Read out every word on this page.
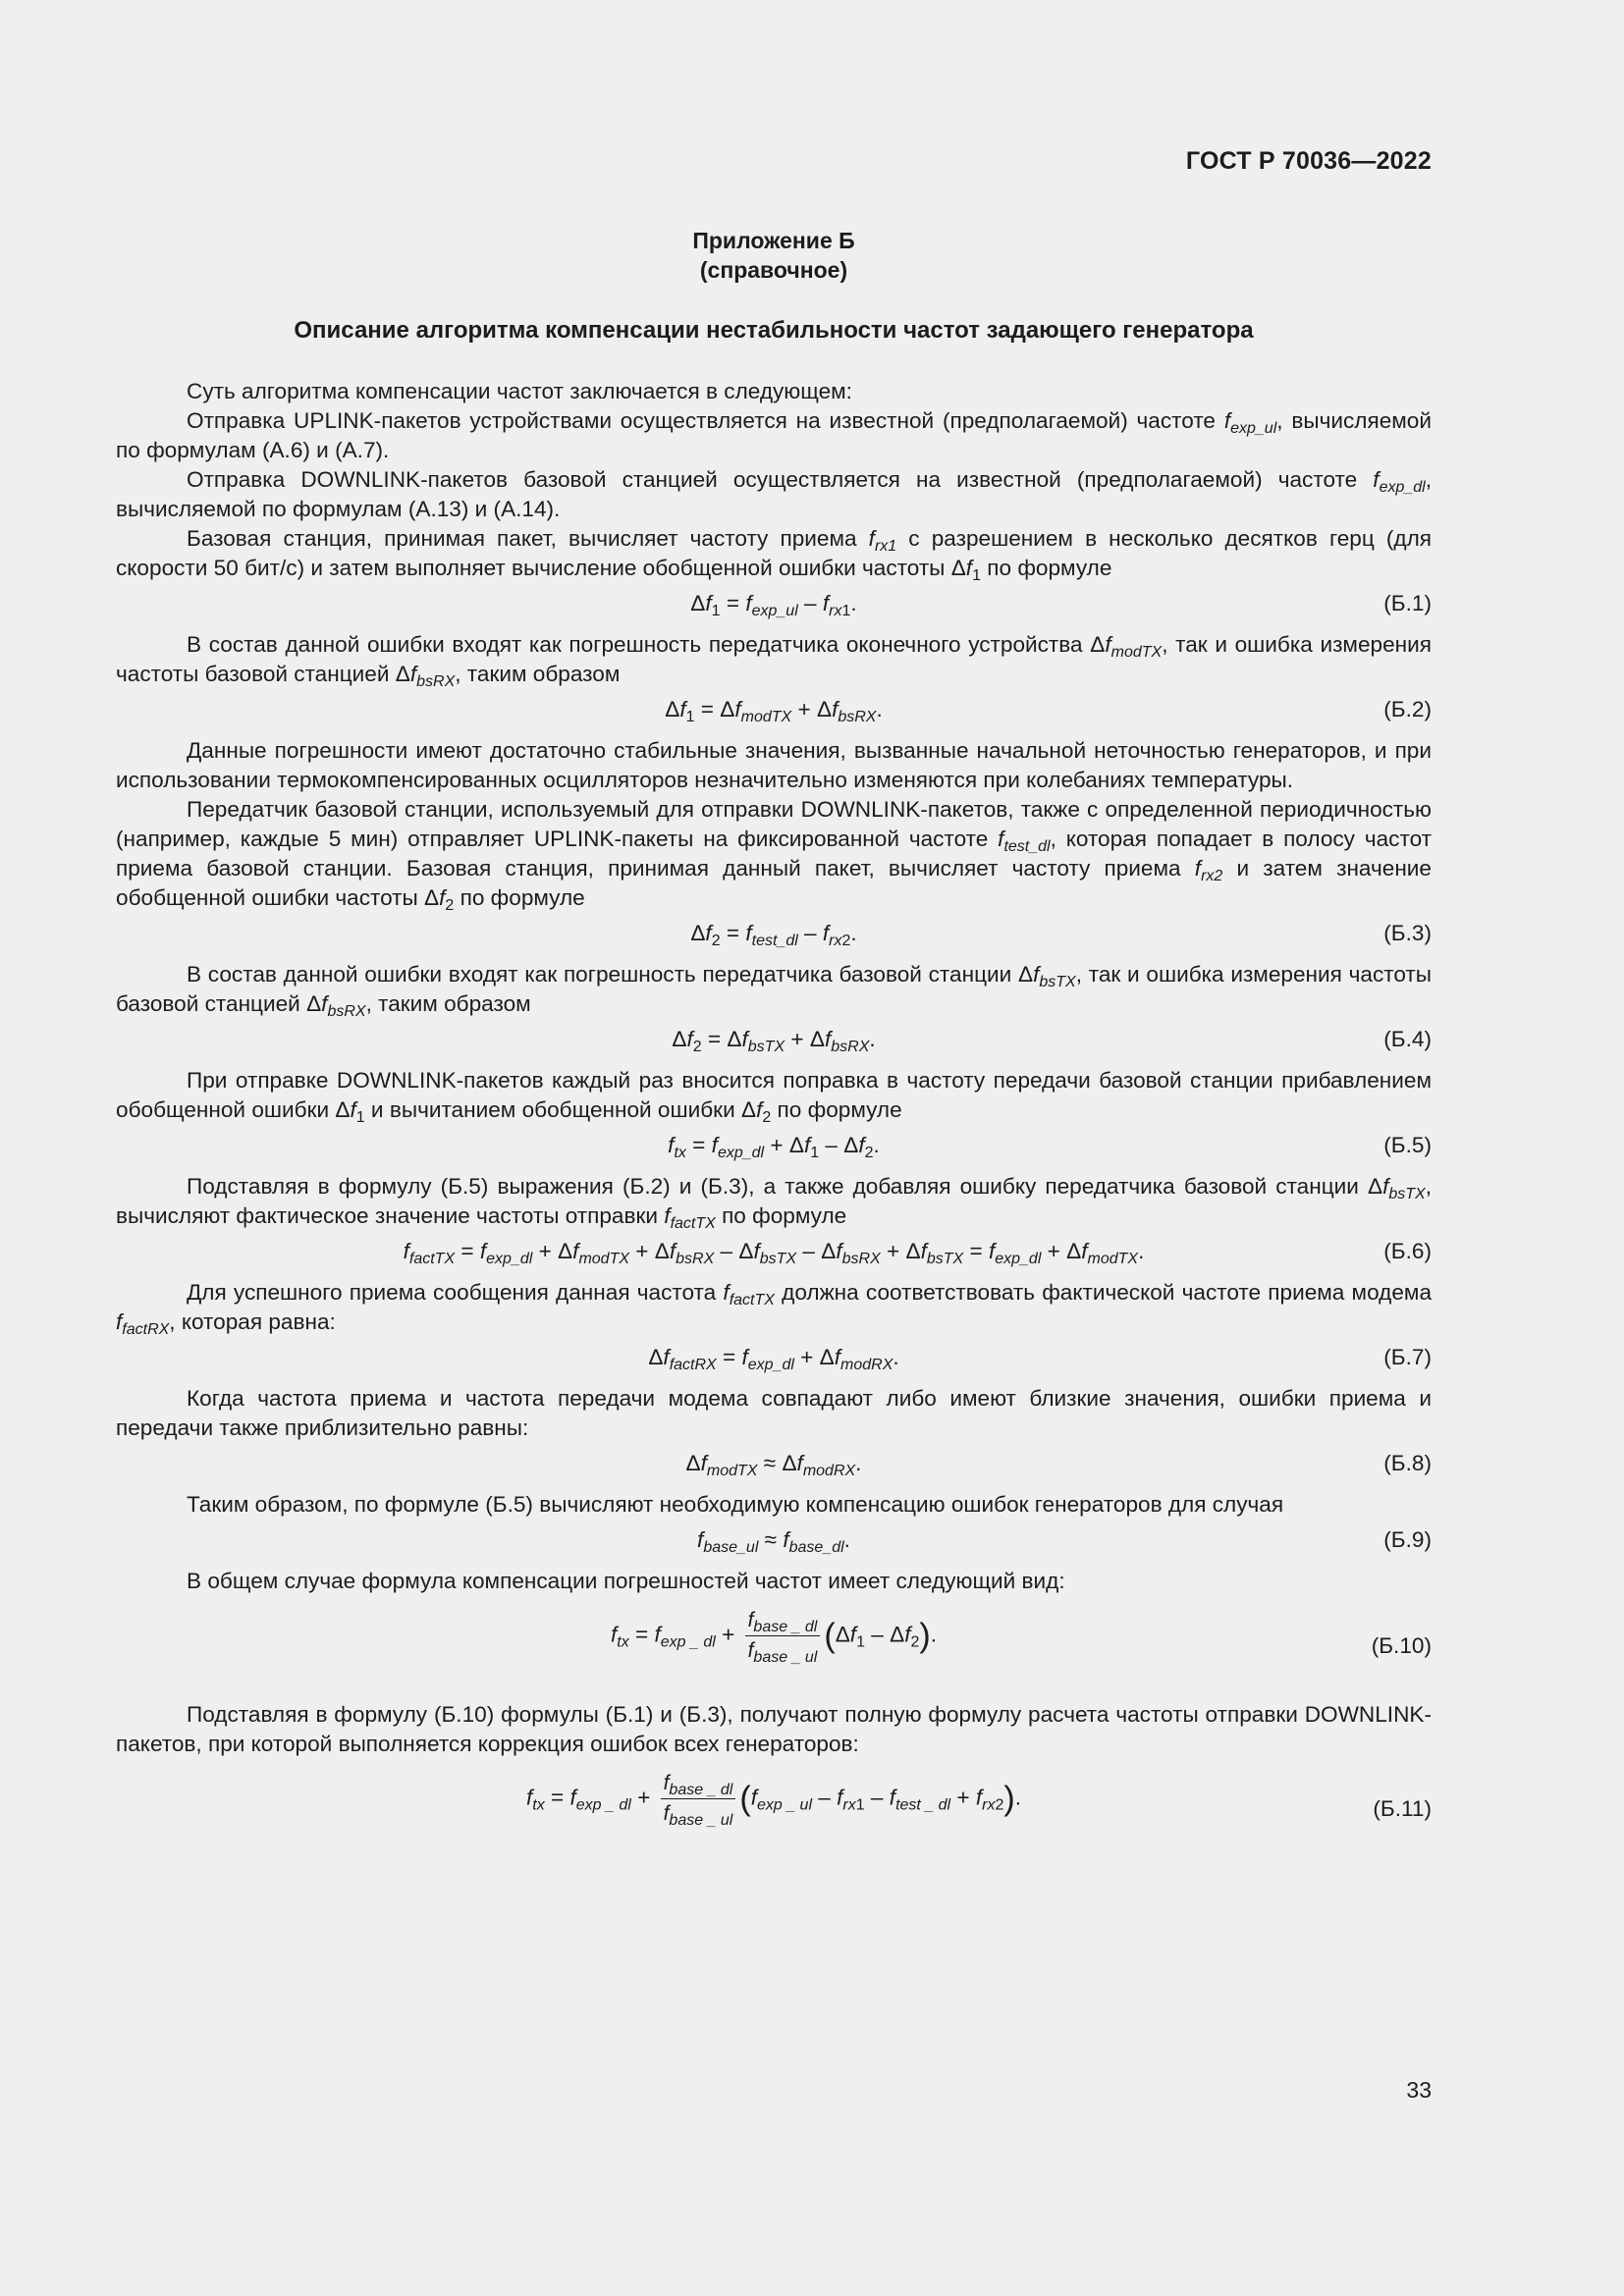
ГОСТ Р 70036—2022
Приложение Б
(справочное)
Описание алгоритма компенсации нестабильности частот задающего генератора

Суть алгоритма компенсации частот заключается в следующем:

Отправка UPLINK-пакетов устройствами осуществляется на известной (предполагаемой) частоте $f_{exp\_ul}$, вычисляемой по формулам (А.6) и (А.7).

Отправка DOWNLINK-пакетов базовой станцией осуществляется на известной (предполагаемой) частоте $f_{exp\_dl}$, вычисляемой по формулам (А.13) и (А.14).

Базовая станция, принимая пакет, вычисляет частоту приема $f_{rx1}$ с разрешением в несколько десятков герц (для скорости 50 бит/с) и затем выполняет вычисление обобщенной ошибки частоты $\Delta f_1$ по формуле

$\Delta f_1 = f_{exp\_ul} - f_{rx1}$.	(Б.1)

В состав данной ошибки входят как погрешность передатчика оконечного устройства $\Delta f_{modTX}$, так и ошибка измерения частоты базовой станцией $\Delta f_{bsRX}$, таким образом

$\Delta f_1 = \Delta f_{modTX} + \Delta f_{bsRX}$.	(Б.2)

Данные погрешности имеют достаточно стабильные значения, вызванные начальной неточностью генераторов, и при использовании термокомпенсированных осцилляторов незначительно изменяются при колебаниях температуры.

Передатчик базовой станции, используемый для отправки DOWNLINK-пакетов, также с определенной периодичностью (например, каждые 5 мин) отправляет UPLINK-пакеты на фиксированной частоте $f_{test\_dl}$, которая попадает в полосу частот приема базовой станции. Базовая станция, принимая данный пакет, вычисляет частоту приема $f_{rx2}$ и затем значение обобщенной ошибки частоты $\Delta f_2$ по формуле

$\Delta f_2 = f_{test\_dl} - f_{rx2}$.	(Б.3)

В состав данной ошибки входят как погрешность передатчика базовой станции $\Delta f_{bsTX}$, так и ошибка измерения частоты базовой станцией $\Delta f_{bsRX}$, таким образом

$\Delta f_2 = \Delta f_{bsTX} + \Delta f_{bsRX}$.	(Б.4)

При отправке DOWNLINK-пакетов каждый раз вносится поправка в частоту передачи базовой станции прибавлением обобщенной ошибки $\Delta f_1$ и вычитанием обобщенной ошибки $\Delta f_2$ по формуле

$f_{tx} = f_{exp\_dl} + \Delta f_1 - \Delta f_2$.	(Б.5)

Подставляя в формулу (Б.5) выражения (Б.2) и (Б.3), а также добавляя ошибку передатчика базовой станции $\Delta f_{bsTX}$, вычисляют фактическое значение частоты отправки $f_{factTX}$ по формуле

$f_{factTX} = f_{exp\_dl} + \Delta f_{modTX} + \Delta f_{bsRX} - \Delta f_{bsTX} - \Delta f_{bsRX} + \Delta f_{bsTX} = f_{exp\_dl} + \Delta f_{modTX}$.	(Б.6)

Для успешного приема сообщения данная частота $f_{factTX}$ должна соответствовать фактической частоте приема модема $f_{factRX}$, которая равна:

$\Delta f_{factRX} = f_{exp\_dl} + \Delta f_{modRX}$.	(Б.7)

Когда частота приема и частота передачи модема совпадают либо имеют близкие значения, ошибки приема и передачи также приблизительно равны:

$\Delta f_{modTX} \approx \Delta f_{modRX}$.	(Б.8)

Таким образом, по формуле (Б.5) вычисляют необходимую компенсацию ошибок генераторов для случая

$f_{base\_ul} \approx f_{base\_dl}$.	(Б.9)

В общем случае формула компенсации погрешностей частот имеет следующий вид:

$f_{tx} = f_{exp \_ dl} + \frac{f_{base \_ dl}}{f_{base \_ ul}} (\Delta f_1 - \Delta f_2)$.	(Б.10)

Подставляя в формулу (Б.10) формулы (Б.1) и (Б.3), получают полную формулу расчета частоты отправки DOWNLINK-пакетов, при которой выполняется коррекция ошибок всех генераторов:

$f_{tx} = f_{exp \_ dl} + \frac{f_{base \_ dl}}{f_{base \_ ul}} (f_{exp \_ ul} - f_{rx1} - f_{test \_ dl} + f_{rx2})$.	(Б.11)
33
